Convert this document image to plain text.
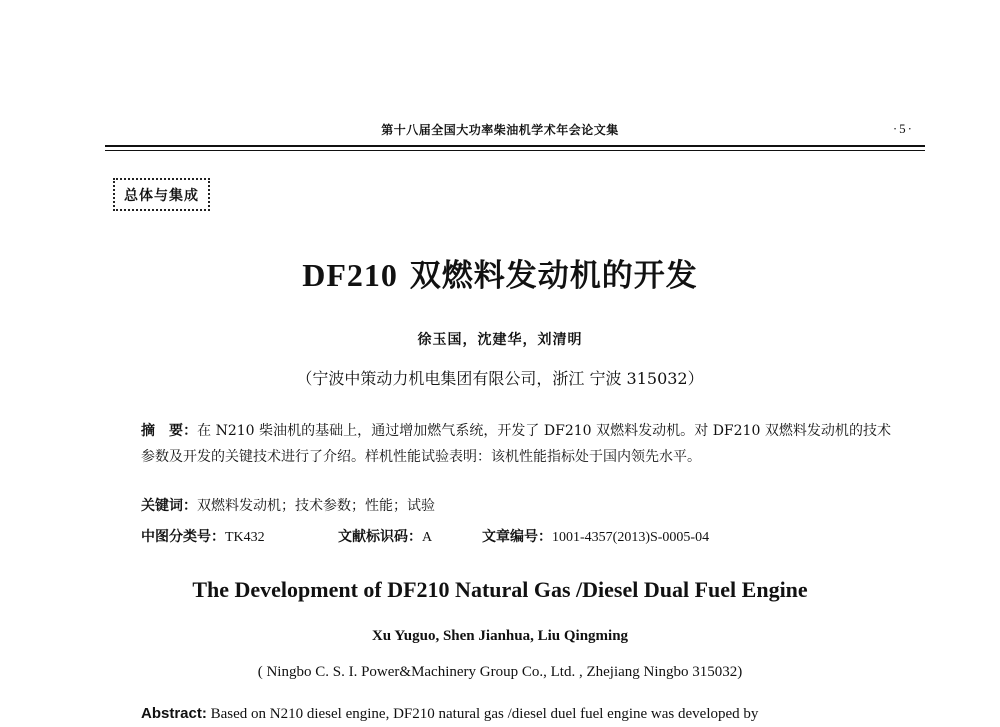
第十八届全国大功率柴油机学术年会论文集	·5·
总体与集成
DF210 双燃料发动机的开发
徐玉国，沈建华，刘清明
（宁波中策动力机电集团有限公司，浙江 宁波 315032）
摘　要：在 N210 柴油机的基础上，通过增加燃气系统，开发了 DF210 双燃料发动机。对 DF210 双燃料发动机的技术参数及开发的关键技术进行了介绍。样机性能试验表明：该机性能指标处于国内领先水平。
关键词：双燃料发动机；技术参数；性能；试验
中图分类号：TK432	文献标识码：A	文章编号：1001-4357(2013)S-0005-04
The Development of DF210 Natural Gas /Diesel Dual Fuel Engine
Xu Yuguo, Shen Jianhua, Liu Qingming
( Ningbo C. S. I. Power&Machinery Group Co., Ltd. , Zhejiang Ningbo 315032)
Abstract: Based on N210 diesel engine, DF210 natural gas /diesel duel fuel engine was developed by
